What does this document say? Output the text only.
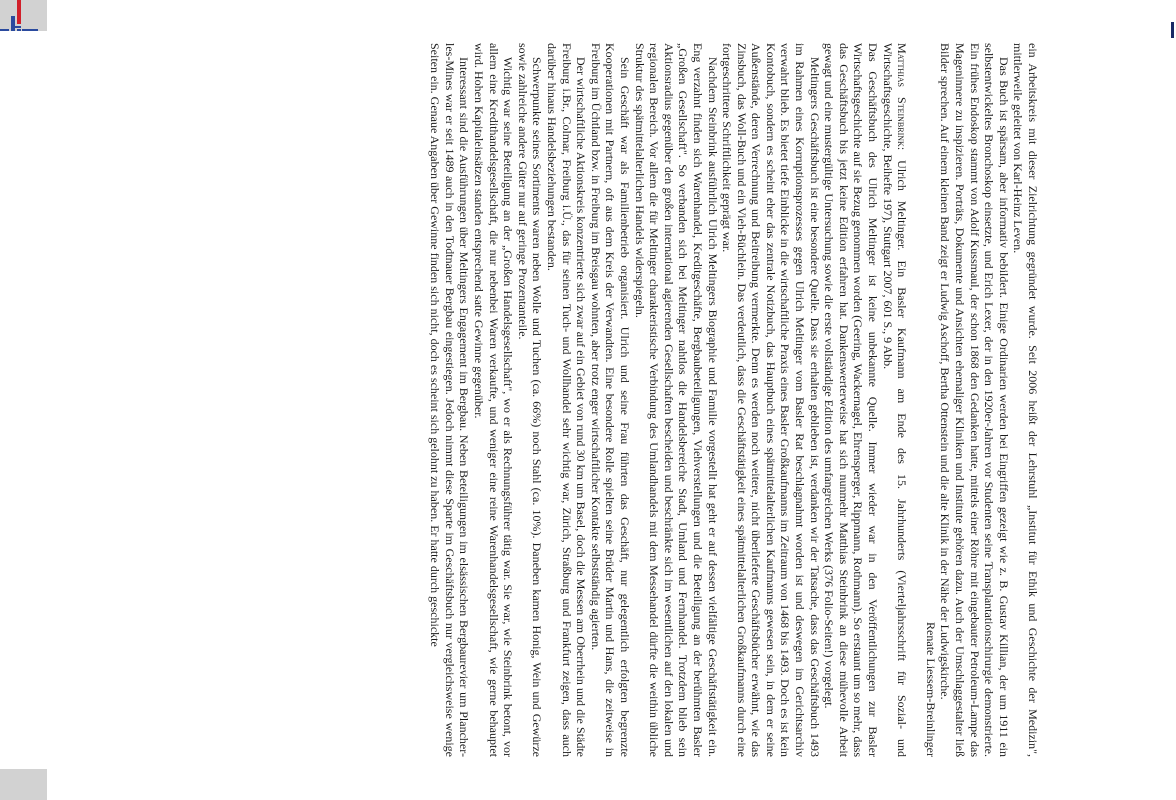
ein Arbeitskreis mit dieser Zielrichtung gegründet wurde. Seit 2006 heißt der Lehrstuhl „Institut für Ethik und Geschichte der Medizin", mittlerweile geleitet von Karl-Heinz Leven.

Das Buch ist spärsam, aber informativ bebildert. Einige Ordinarien werden bei Eingriffen gezeigt wie z. B. Gustav Killian, der um 1911 ein selbstentwickeltes Bronchoskop einsetzte, und Erich Lexer, der in den 1920er-Jahren vor Studenten seine Transplantationschirurgie demonstrierte. Ein frühes Endoskop stammt von Adolf Kussmaul, der schon 1868 den Gedanken hatte, mittels einer Röhre mit eingebauter Petroleum-Lampe das Mageninnere zu inspizieren. Porträts, Dokumente und Ansichten ehemaliger Kliniken und Institute gehören dazu. Auch der Umschlaggestalter ließ Bilder sprechen. Auf einem kleinen Band zeigt er Ludwig Aschoff, Bertha Ottenstein und die alte Klinik in der Nähe der Ludwigskirche.

Renate Liessem-Breinlinger

Matthias Steinbrink: Ulrich Meltinger. Ein Basler Kaufmann am Ende des 15. Jahrhunderts (Vierteljahrsschrift für Sozial- und Wirtschaftsgeschichte, Beihefte 197), Stuttgart 2007, 601 S., 9 Abb.

Das Geschäftsbuch des Ulrich Meltinger ist keine unbekannte Quelle. Immer wieder war in den Veröffentlichungen zur Basler Wirtschaftsgeschichte auf sie Bezug genommen worden (Geering, Wackernagel, Ehrensperger, Rippmann, Rothmann). So erstaunt um so mehr, dass das Geschäftsbuch bis jetzt keine Edition erfahren hat. Dankenswerterweise hat sich nunmehr Matthias Steinbrink an diese mühevolle Arbeit gewagt und eine mustergültige Untersuchung sowie die erste vollständige Edition des umfangreichen Werks (376 Folio-Seiten!) vorgelegt.

Meltingers Geschäftsbuch ist eine besondere Quelle. Dass sie erhalten geblieben ist, verdanken wir der Tatsache, dass das Geschäftsbuch 1493 im Rahmen eines Korruptionsprozesses gegen Ulrich Meltinger vom Basler Rat beschlagnahmt worden ist und deswegen im Gerichtsarchiv verwahrt blieb. Es bietet tiefe Einblicke in die wirtschaftliche Praxis eines Basler Großkaufmanns im Zeitraum von 1468 bis 1493. Doch es ist kein Kontobuch, sondern es scheint eher das zentrale Notizbuch, das Hauptbuch eines spätmittelalterlichen Kaufmanns gewesen sein, in dem er seine Außenstände, deren Verrechnung und Beitreibung vermerkte. Denn es werden noch weitere, nicht überlieferte Geschäftsbücher erwähnt, wie das Zinsbuch, das Woll-Buch und ein Vieh-Büchlein. Das verdeutlich, dass die Geschäftstätigkeit eines spätmittelalterlichen Großkaufmanns durch eine fortgeschrittene Schriftlichkeit geprägt war.

Nachdem Steinbrink ausführlich Ulrich Meltingers Biographie und Familie vorgestellt hat geht er auf dessen vielfältige Geschäftstätigkeit ein. Eng verzahnt finden sich Warenhandel, Kreditgeschäfte, Bergbaubeteiligungen, Viehverstellungen und die Beteiligung an der berühmten Basler „Großen Gesellschaft". So verbanden sich bei Meltinger nahtlos die Handelsbereiche Stadt, Umland und Fernhandel. Trotzdem blieb sein Aktionsradius gegenüber den großen international agierenden Gesellschaften bescheiden und beschränkte sich im wesentlichen auf den lokalen und regionalen Bereich. Vor allem die für Meltinger charakteristische Verbindung des Umlandhandels mit dem Messehandel dürfte die weithin übliche Struktur des spätmittelalterlichen Handels widerspiegeln.

Sein Geschäft war als Familienbetrieb organisiert. Ulrich und seine Frau führten das Geschäft, nur gelegentlich erfolgten begrenzte Kooperationen mit Partnern, oft aus dem Kreis der Verwandten. Eine besondere Rolle spielten seine Brüder Martin und Hans, die zeitweise in Freiburg im Üchtland bzw. in Freiburg im Breisgau wohnten, aber trotz enger wirtschaftlicher Kontakte selbstständig agierten.

Der wirtschaftliche Aktionskreis konzentrierte sich zwar auf ein Gebiet von rund 30 km um Basel, doch die Messen am Oberrhein und die Städte Freiburg i.Br., Colmar, Freiburg i.Ü., das für seinen Tuch- und Wollhandel sehr wichtig war, Zürich, Straßburg und Frankfurt zeigen, dass auch darüber hinaus Handelsbeziehungen bestanden.

Schwerpunkte seines Sortiments waren neben Wolle und Tuchen (ca. 66%) noch Stahl (ca. 10%). Daneben kamen Honig, Wein und Gewürze sowie zahlreiche andere Güter nur auf geringe Prozentanteile.

Wichtig war seine Beteiligung an der „Großen Handelsgesellschaft", wo er als Rechnungsführer tätig war. Sie war, wie Steinbrink betont, vor allem eine Kredithandelsgesellschaft, die nur nebenbei Waren verkaufte, und weniger eine reine Warenhandelsgesellschaft, wie gerne behauptet wird. Hohen Kapitaleinsätzen standen entsprechend satte Gewinne gegenüber.

Interessant sind die Ausführungen über Meltingers Engagement im Bergbau. Neben Beteiligungen im elsässischen Bergbaurevier um Plancher-les-Mines war er seit 1489 auch in den Todtnauer Bergbau eingestiegen. Jedoch nimmt diese Sparte im Geschäftsbuch nur vergleichsweise wenige Seiten ein. Genaue Angaben über Gewinne finden sich nicht, doch es scheint sich gelohnt zu haben. Er hatte durch geschickte
